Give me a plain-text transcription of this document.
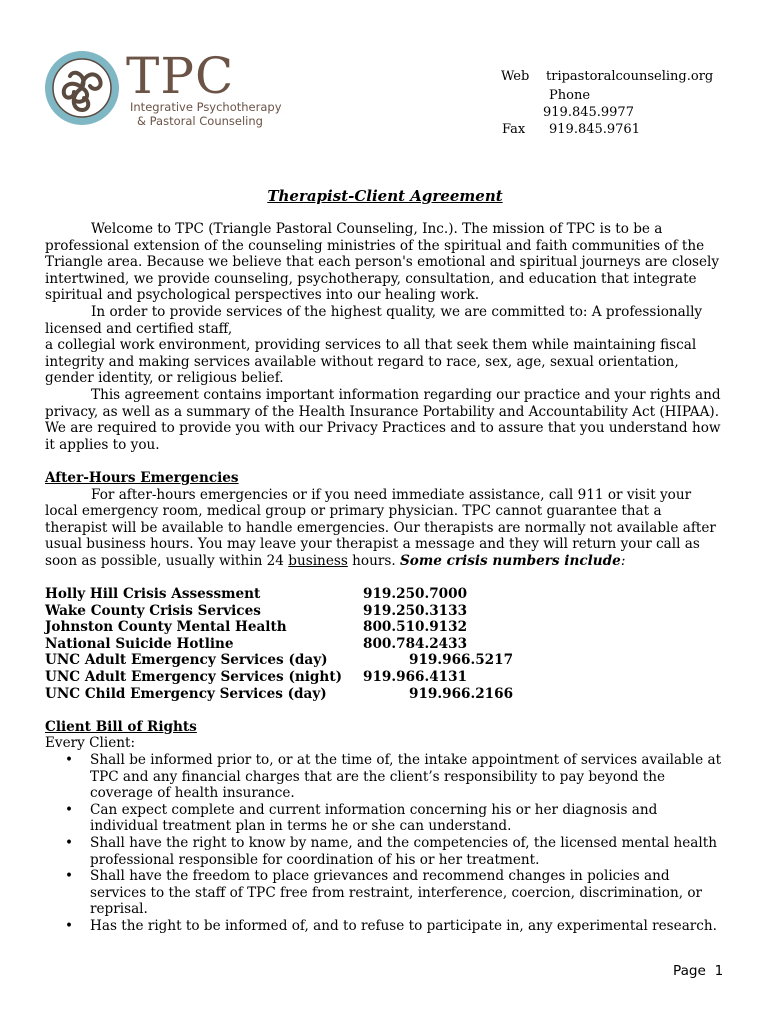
TPC
Integrative Psychotherapy
& Pastoral Counseling
Web tripastoralcounseling.org
Phone
919.845.9977
Fax 919.845.9761
Therapist-Client Agreement

Welcome to TPC (Triangle Pastoral Counseling, Inc.). The mission of TPC is to be a professional extension of the counseling ministries of the spiritual and faith communities of the Triangle area. Because we believe that each person's emotional and spiritual journeys are closely intertwined, we provide counseling, psychotherapy, consultation, and education that integrate spiritual and psychological perspectives into our healing work.

In order to provide services of the highest quality, we are committed to: A professionally licensed and certified staff,

a collegial work environment, providing services to all that seek them while maintaining fiscal integrity and making services available without regard to race, sex, age, sexual orientation, gender identity, or religious belief.

This agreement contains important information regarding our practice and your rights and privacy, as well as a summary of the Health Insurance Portability and Accountability Act (HIPAA). We are required to provide you with our Privacy Practices and to assure that you understand how it applies to you.

After-Hours Emergencies

For after-hours emergencies or if you need immediate assistance, call 911 or visit your local emergency room, medical group or primary physician. TPC cannot guarantee that a therapist will be available to handle emergencies. Our therapists are normally not available after usual business hours. You may leave your therapist a message and they will return your call as soon as possible, usually within 24 business hours. Some crisis numbers include:

Holly Hill Crisis Assessment	919.250.7000
Wake County Crisis Services	919.250.3133
Johnston County Mental Health	800.510.9132
National Suicide Hotline	800.784.2433
UNC Adult Emergency Services (day)	919.966.5217
UNC Adult Emergency Services (night) 919.966.4131
UNC Child Emergency Services (day)	919.966.2166

Client Bill of Rights

Every Client:

• Shall be informed prior to, or at the time of, the intake appointment of services available at TPC and any financial charges that are the client’s responsibility to pay beyond the coverage of health insurance.
• Can expect complete and current information concerning his or her diagnosis and individual treatment plan in terms he or she can understand.
• Shall have the right to know by name, and the competencies of, the licensed mental health professional responsible for coordination of his or her treatment.
• Shall have the freedom to place grievances and recommend changes in policies and services to the staff of TPC free from restraint, interference, coercion, discrimination, or reprisal.
• Has the right to be informed of, and to refuse to participate in, any experimental research.
Page 1
